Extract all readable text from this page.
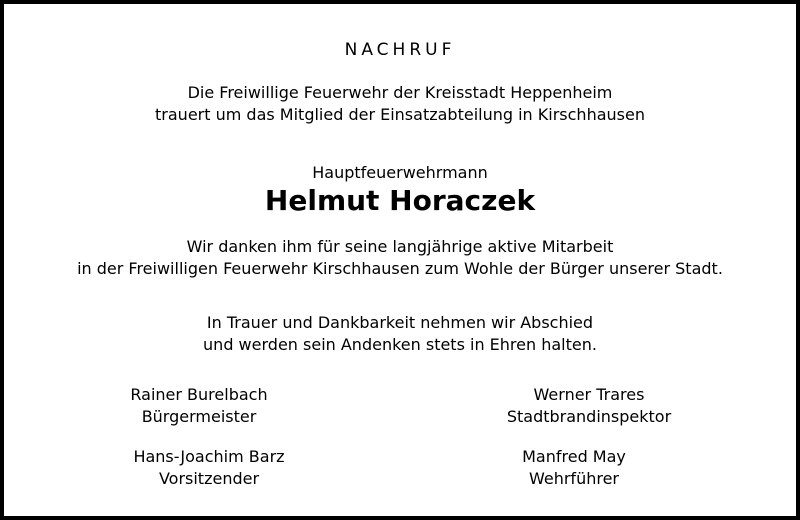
NACHRUF
Die Freiwillige Feuerwehr der Kreisstadt Heppenheim
trauert um das Mitglied der Einsatzabteilung in Kirschhausen
Hauptfeuerwehrmann
Helmut Horaczek
Wir danken ihm für seine langjährige aktive Mitarbeit
in der Freiwilligen Feuerwehr Kirschhausen zum Wohle der Bürger unserer Stadt.
In Trauer und Dankbarkeit nehmen wir Abschied
und werden sein Andenken stets in Ehren halten.
Rainer Burelbach
Bürgermeister
Werner Trares
Stadtbrandinspektor
Hans-Joachim Barz
Vorsitzender
Manfred May
Wehrführer
